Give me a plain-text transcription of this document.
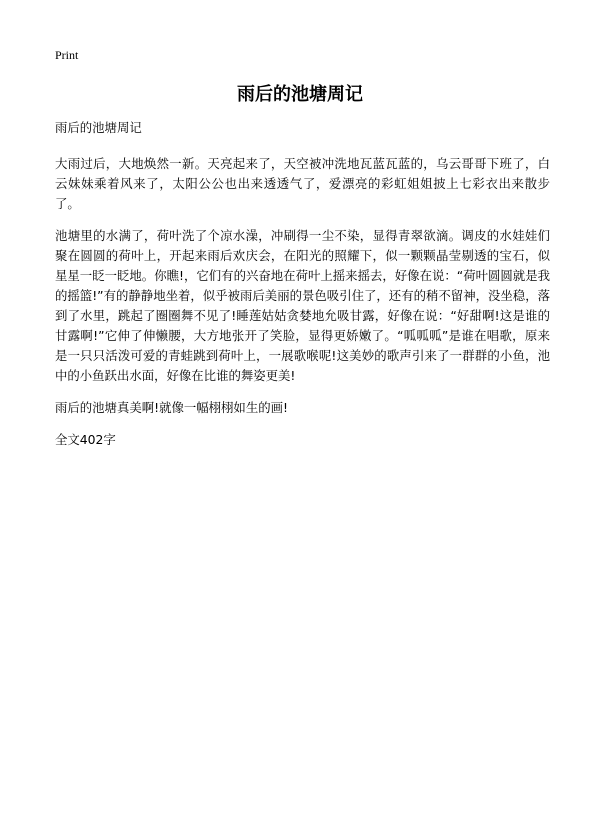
Print
雨后的池塘周记

雨后的池塘周记

大雨过后，大地焕然一新。天亮起来了，天空被冲洗地瓦蓝瓦蓝的，乌云哥哥下班了，白云妹妹乘着风来了，太阳公公也出来透透气了，爱漂亮的彩虹姐姐披上七彩衣出来散步了。

池塘里的水满了，荷叶洗了个凉水澡，冲刷得一尘不染，显得青翠欲滴。调皮的水娃娃们聚在圆圆的荷叶上，开起来雨后欢庆会，在阳光的照耀下，似一颗颗晶莹剔透的宝石，似星星一眨一眨地。你瞧!，它们有的兴奋地在荷叶上摇来摇去，好像在说：“荷叶圆圆就是我的摇篮!”有的静静地坐着，似乎被雨后美丽的景色吸引住了，还有的稍不留神，没坐稳，落到了水里，跳起了圈圈舞不见了!睡莲姑姑贪婪地允吸甘露，好像在说：“好甜啊!这是谁的甘露啊!”它伸了伸懒腰，大方地张开了笑脸，显得更娇嫩了。“呱呱呱”是谁在唱歌，原来是一只只活泼可爱的青蛙跳到荷叶上，一展歌喉呢!这美妙的歌声引来了一群群的小鱼，池中的小鱼跃出水面，好像在比谁的舞姿更美!

雨后的池塘真美啊!就像一幅栩栩如生的画!

全文402字
